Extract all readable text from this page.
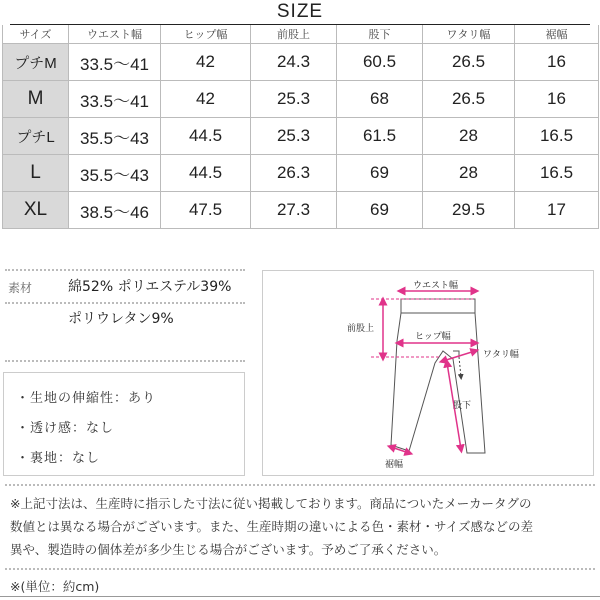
SIZE
サイズ	ウエスト幅	ヒップ幅	前股上	股下	ワタリ幅	裾幅
プチM	33.5〜41	42	24.3	60.5	26.5	16
M	33.5〜41	42	25.3	68	26.5	16
プチL	35.5〜43	44.5	25.3	61.5	28	16.5
L	35.5〜43	44.5	26.3	69	28	16.5
XL	38.5〜46	47.5	27.3	69	29.5	17
素材	綿52% ポリエステル39%
ポリウレタン9%
・生地の伸縮性：あり
・透け感：なし
・裏地：なし
ウエスト幅
前股上
ヒップ幅
ワタリ幅
股下
裾幅
※上記寸法は、生産時に指示した寸法に従い掲載しております。商品についたメーカータグの
数値とは異なる場合がございます。また、生産時期の違いによる色・素材・サイズ感などの差
異や、製造時の個体差が多少生じる場合がございます。予めご了承ください。
※(単位：約cm)
